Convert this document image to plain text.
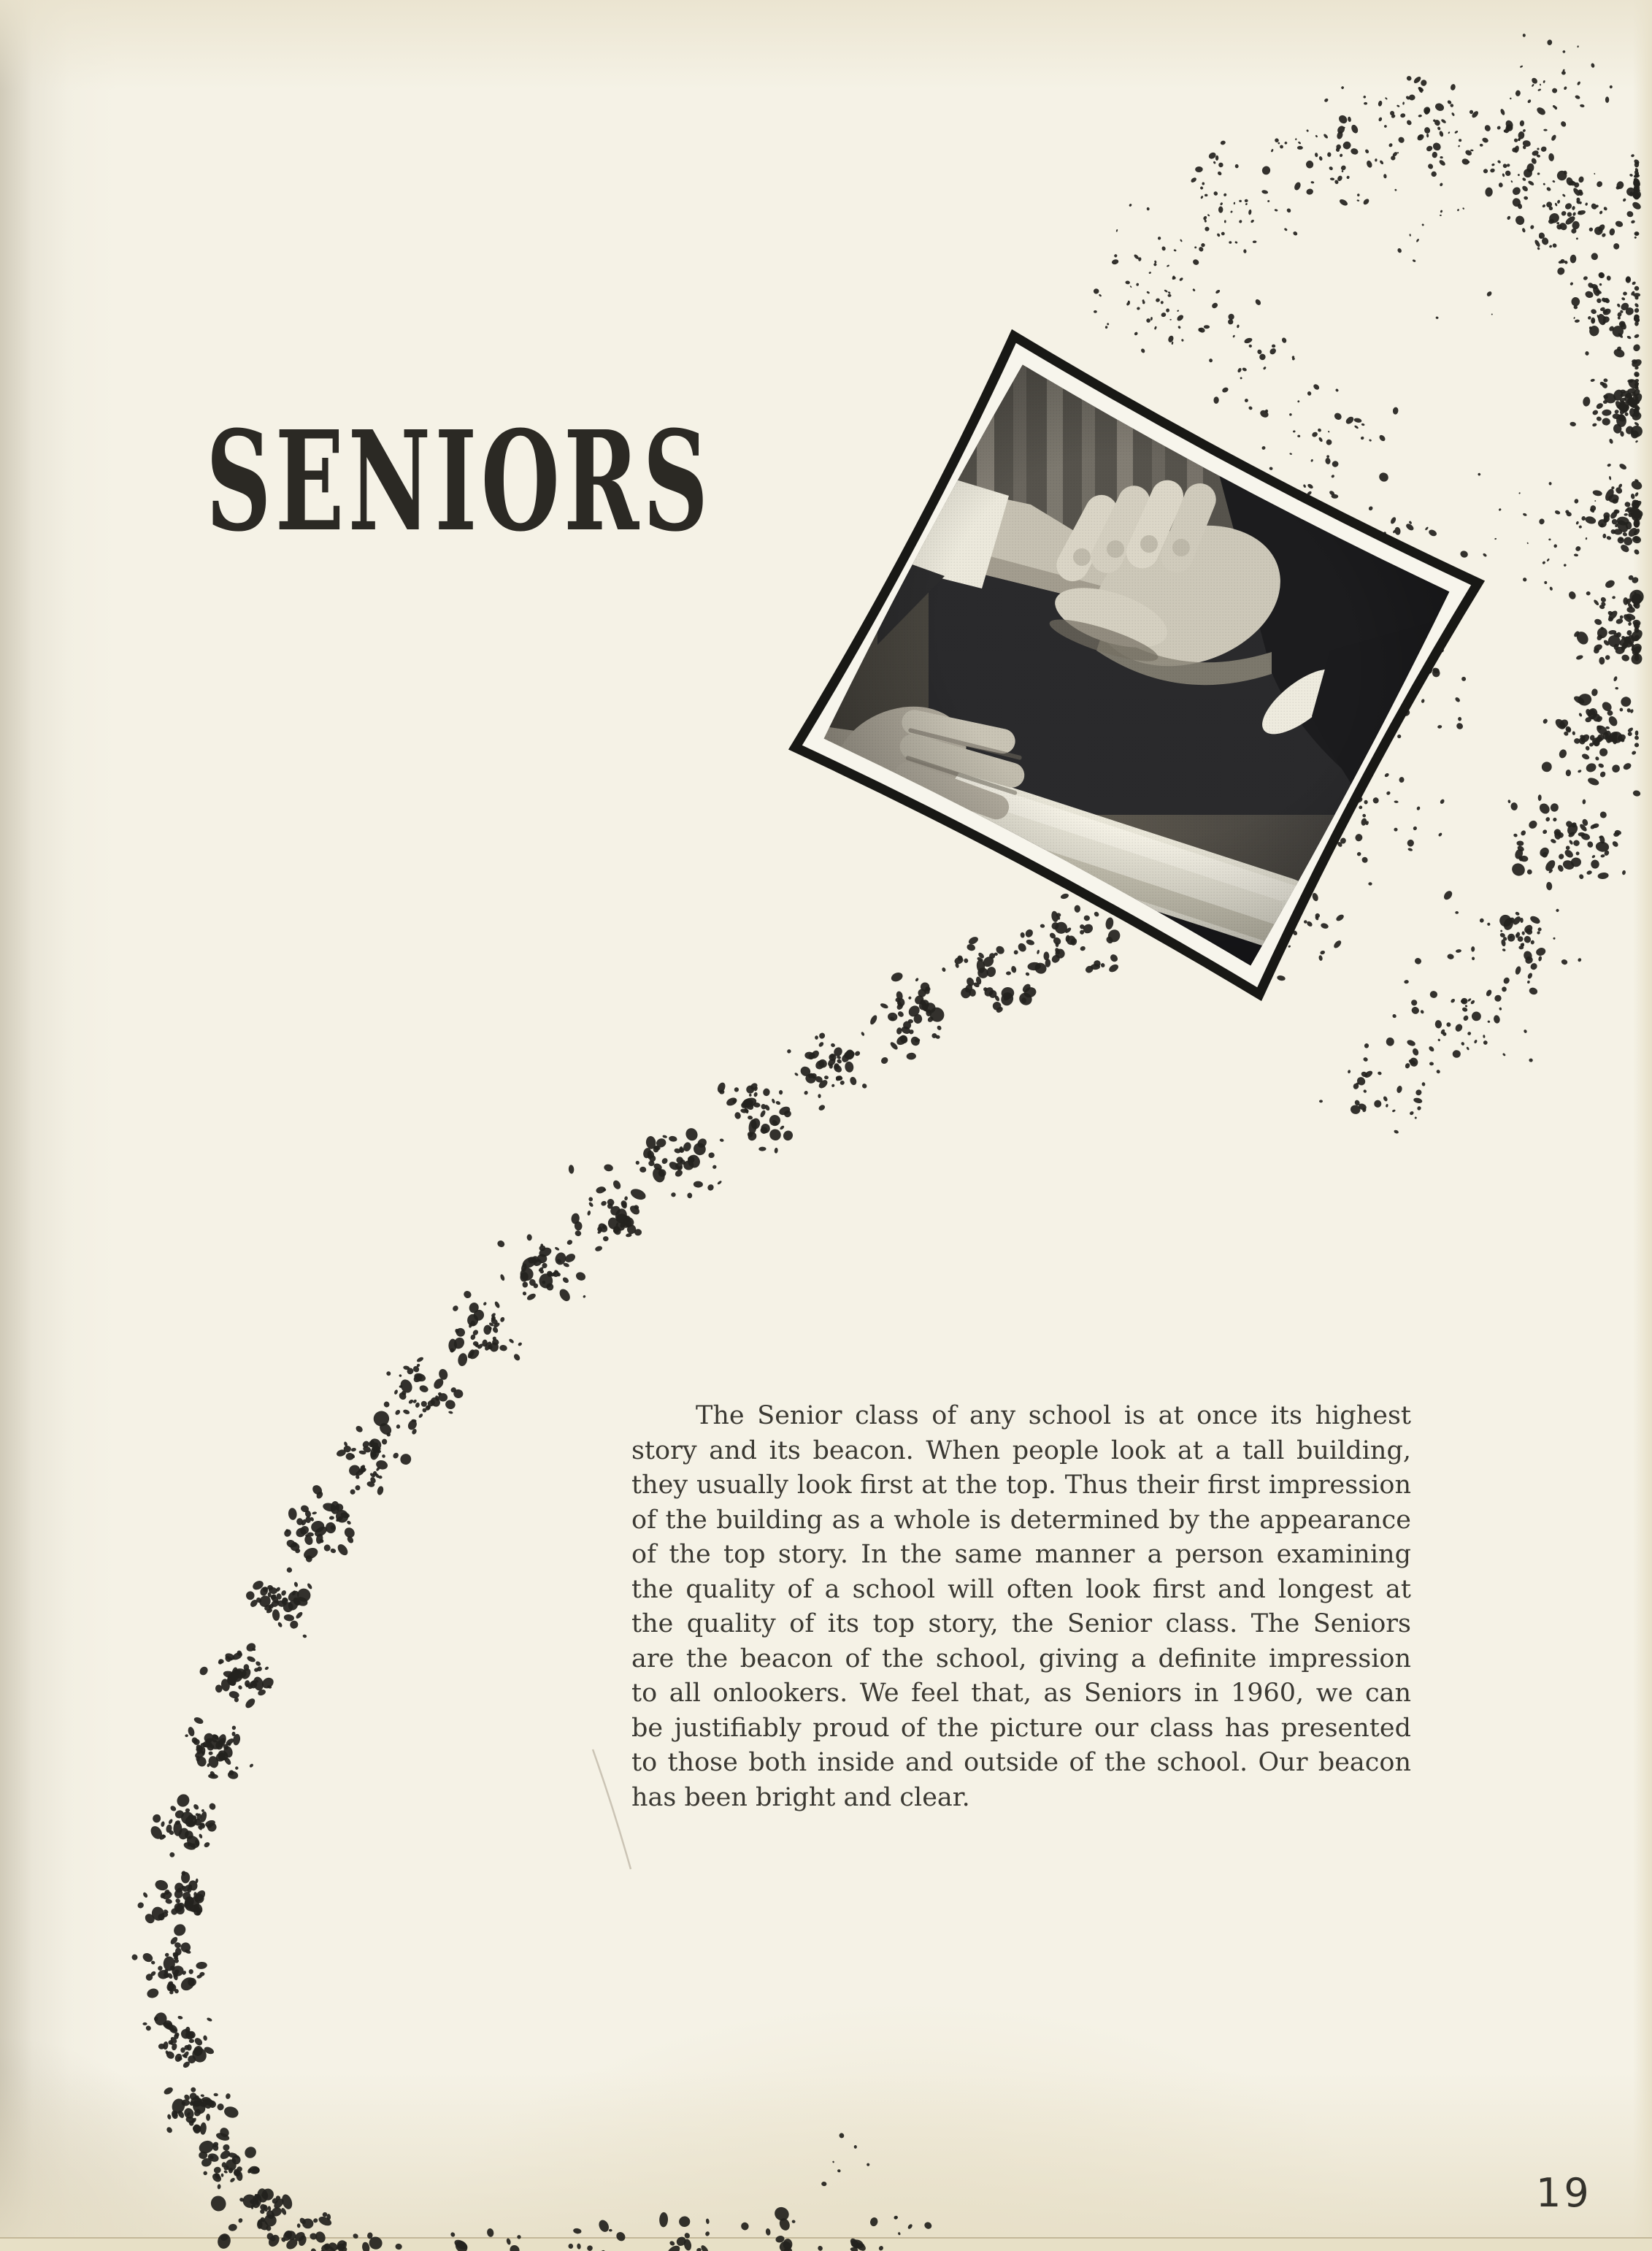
SENIORS
The Senior class of any school is at once its highest
story and its beacon. When people look at a tall building,
they usually look first at the top. Thus their first impression
of the building as a whole is determined by the appearance
of the top story. In the same manner a person examining
the quality of a school will often look first and longest at
the quality of its top story, the Senior class. The Seniors
are the beacon of the school, giving a definite impression
to all onlookers. We feel that, as Seniors in 1960, we can
be justifiably proud of the picture our class has presented
to those both inside and outside of the school. Our beacon
has been bright and clear.
19
